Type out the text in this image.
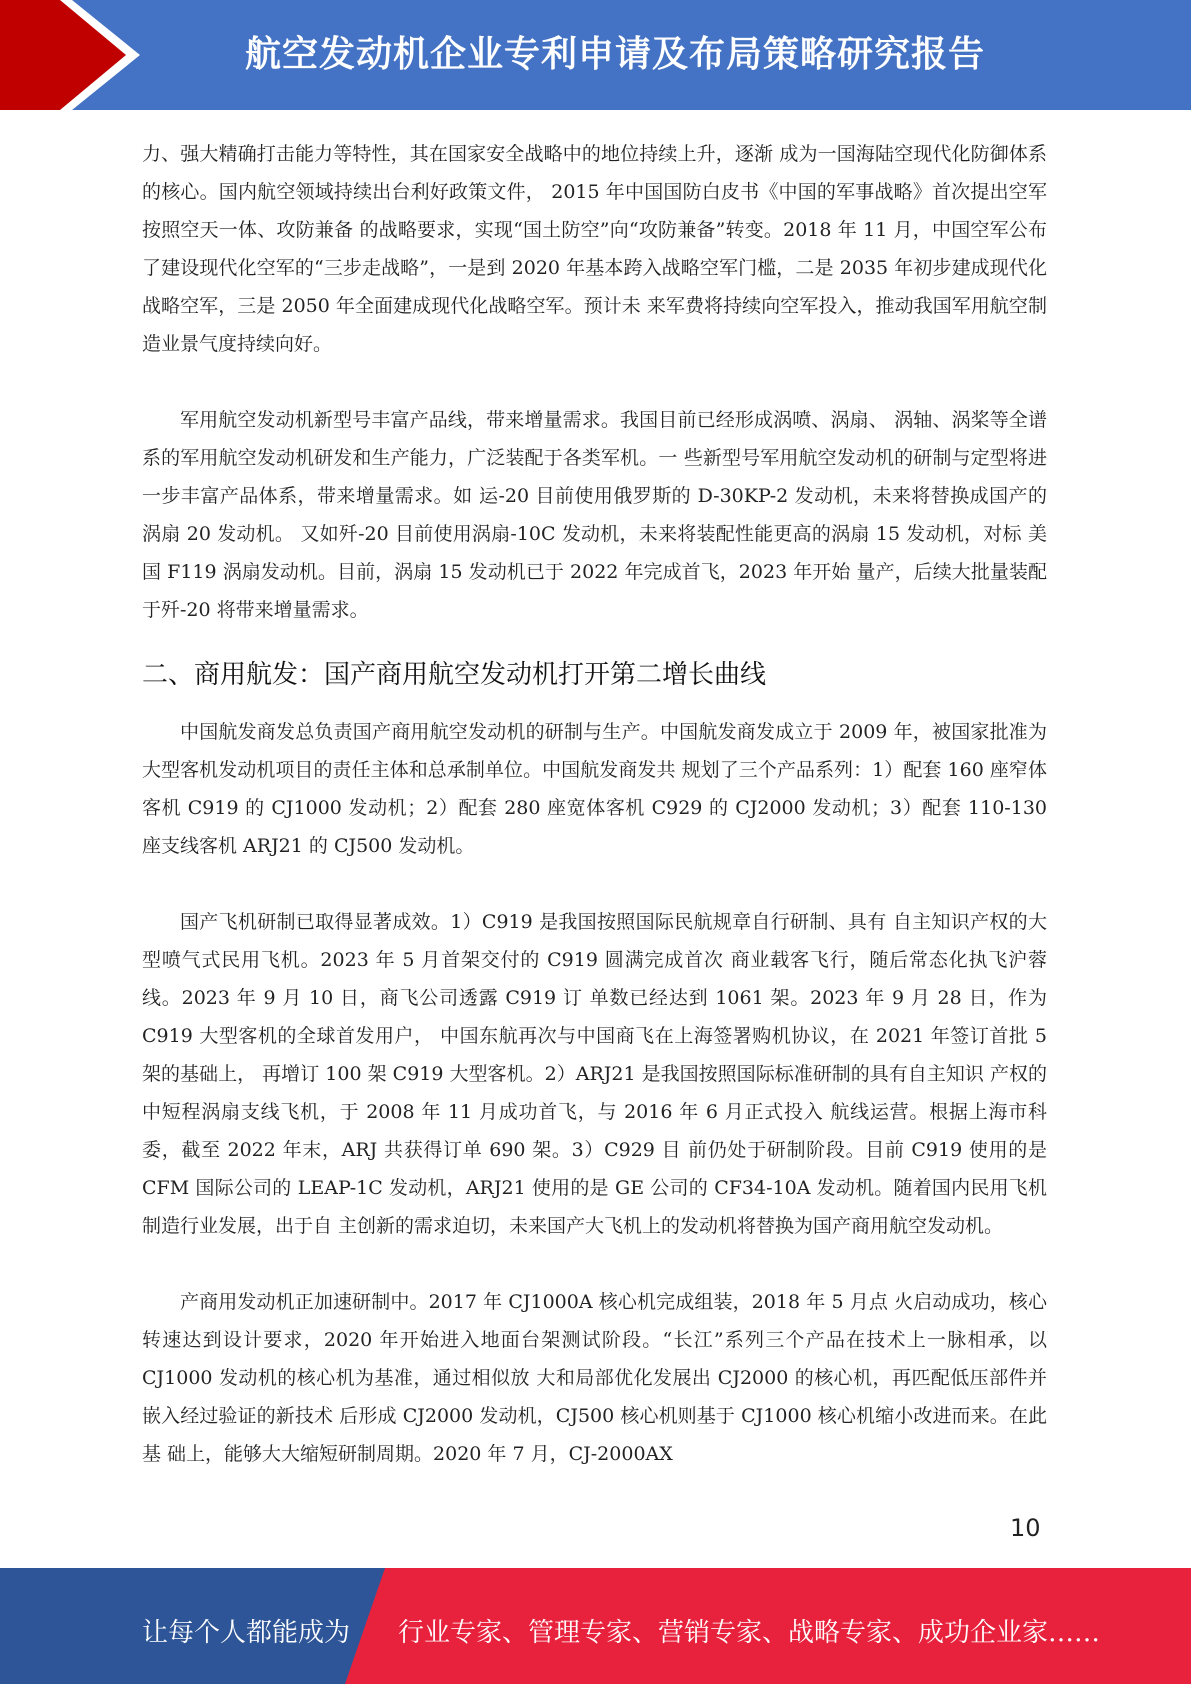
航空发动机企业专利申请及布局策略研究报告

力、强大精确打击能力等特性，其在国家安全战略中的地位持续上升，逐渐 成为一国海陆空现代化防御体系的核心。国内航空领域持续出台利好政策文件， 2015 年中国国防白皮书《中国的军事战略》首次提出空军按照空天一体、攻防兼备 的战略要求，实现“国土防空”向“攻防兼备”转变。2018 年 11 月，中国空军公布 了建设现代化空军的“三步走战略”，一是到 2020 年基本跨入战略空军门槛，二是 2035 年初步建成现代化战略空军，三是 2050 年全面建成现代化战略空军。预计未 来军费将持续向空军投入，推动我国军用航空制造业景气度持续向好。

军用航空发动机新型号丰富产品线，带来增量需求。我国目前已经形成涡喷、涡扇、 涡轴、涡桨等全谱系的军用航空发动机研发和生产能力，广泛装配于各类军机。一 些新型号军用航空发动机的研制与定型将进一步丰富产品体系，带来增量需求。如 运-20 目前使用俄罗斯的 D-30KP-2 发动机，未来将替换成国产的涡扇 20 发动机。 又如歼-20 目前使用涡扇-10C 发动机，未来将装配性能更高的涡扇 15 发动机，对标 美国 F119 涡扇发动机。目前，涡扇 15 发动机已于 2022 年完成首飞，2023 年开始 量产，后续大批量装配于歼-20 将带来增量需求。

二、商用航发：国产商用航空发动机打开第二增长曲线

中国航发商发总负责国产商用航空发动机的研制与生产。中国航发商发成立于 2009 年，被国家批准为大型客机发动机项目的责任主体和总承制单位。中国航发商发共 规划了三个产品系列：1）配套 160 座窄体客机 C919 的 CJ1000 发动机；2）配套 280 座宽体客机 C929 的 CJ2000 发动机；3）配套 110-130 座支线客机 ARJ21 的 CJ500 发动机。

国产飞机研制已取得显著成效。1）C919 是我国按照国际民航规章自行研制、具有 自主知识产权的大型喷气式民用飞机。2023 年 5 月首架交付的 C919 圆满完成首次 商业载客飞行，随后常态化执飞沪蓉线。2023 年 9 月 10 日，商飞公司透露 C919 订 单数已经达到 1061 架。2023 年 9 月 28 日，作为 C919 大型客机的全球首发用户， 中国东航再次与中国商飞在上海签署购机协议，在 2021 年签订首批 5 架的基础上， 再增订 100 架 C919 大型客机。2）ARJ21 是我国按照国际标准研制的具有自主知识 产权的中短程涡扇支线飞机，于 2008 年 11 月成功首飞，与 2016 年 6 月正式投入 航线运营。根据上海市科委，截至 2022 年末，ARJ 共获得订单 690 架。3）C929 目 前仍处于研制阶段。目前 C919 使用的是 CFM 国际公司的 LEAP-1C 发动机，ARJ21 使用的是 GE 公司的 CF34-10A 发动机。随着国内民用飞机制造行业发展，出于自 主创新的需求迫切，未来国产大飞机上的发动机将替换为国产商用航空发动机。

产商用发动机正加速研制中。2017 年 CJ1000A 核心机完成组装，2018 年 5 月点 火启动成功，核心转速达到设计要求，2020 年开始进入地面台架测试阶段。“长江”系列三个产品在技术上一脉相承，以 CJ1000 发动机的核心机为基准，通过相似放 大和局部优化发展出 CJ2000 的核心机，再匹配低压部件并嵌入经过验证的新技术 后形成 CJ2000 发动机，CJ500 核心机则基于 CJ1000 核心机缩小改进而来。在此基 础上，能够大大缩短研制周期。2020 年 7 月，CJ-2000AX

10
让每个人都能成为 行业专家、管理专家、营销专家、战略专家、成功企业家……
